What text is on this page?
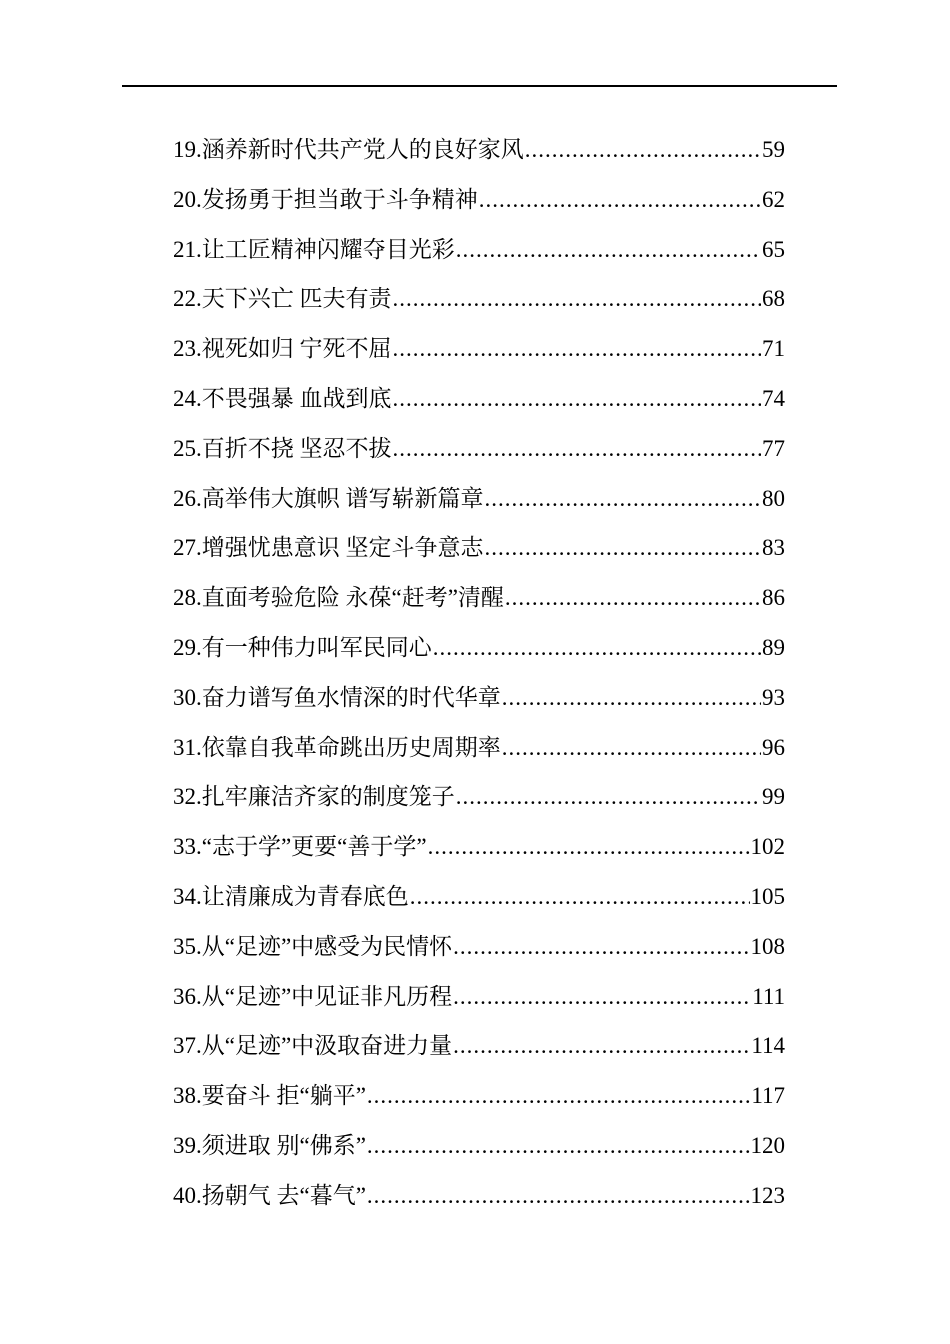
19.涵养新时代共产党人的良好家风 .....	59
20.发扬勇于担当敢于斗争精神 .....	62
21.让工匠精神闪耀夺目光彩 .....	65
22.天下兴亡 匹夫有责 .....	68
23.视死如归 宁死不屈 .....	71
24.不畏强暴 血战到底 .....	74
25.百折不挠 坚忍不拔 .....	77
26.高举伟大旗帜 谱写崭新篇章 .....	80
27.增强忧患意识 坚定斗争意志 .....	83
28.直面考验危险 永葆“赶考”清醒 .....	86
29.有一种伟力叫军民同心 .....	89
30.奋力谱写鱼水情深的时代华章 .....	93
31.依靠自我革命跳出历史周期率 .....	96
32.扎牢廉洁齐家的制度笼子 .....	99
33.“志于学”更要“善于学” .....	102
34.让清廉成为青春底色 .....	105
35.从“足迹”中感受为民情怀 .....	108
36.从“足迹”中见证非凡历程 .....	111
37.从“足迹”中汲取奋进力量 .....	114
38.要奋斗 拒“躺平” .....	117
39.须进取 别“佛系” .....	120
40.扬朝气 去“暮气” .....	123
